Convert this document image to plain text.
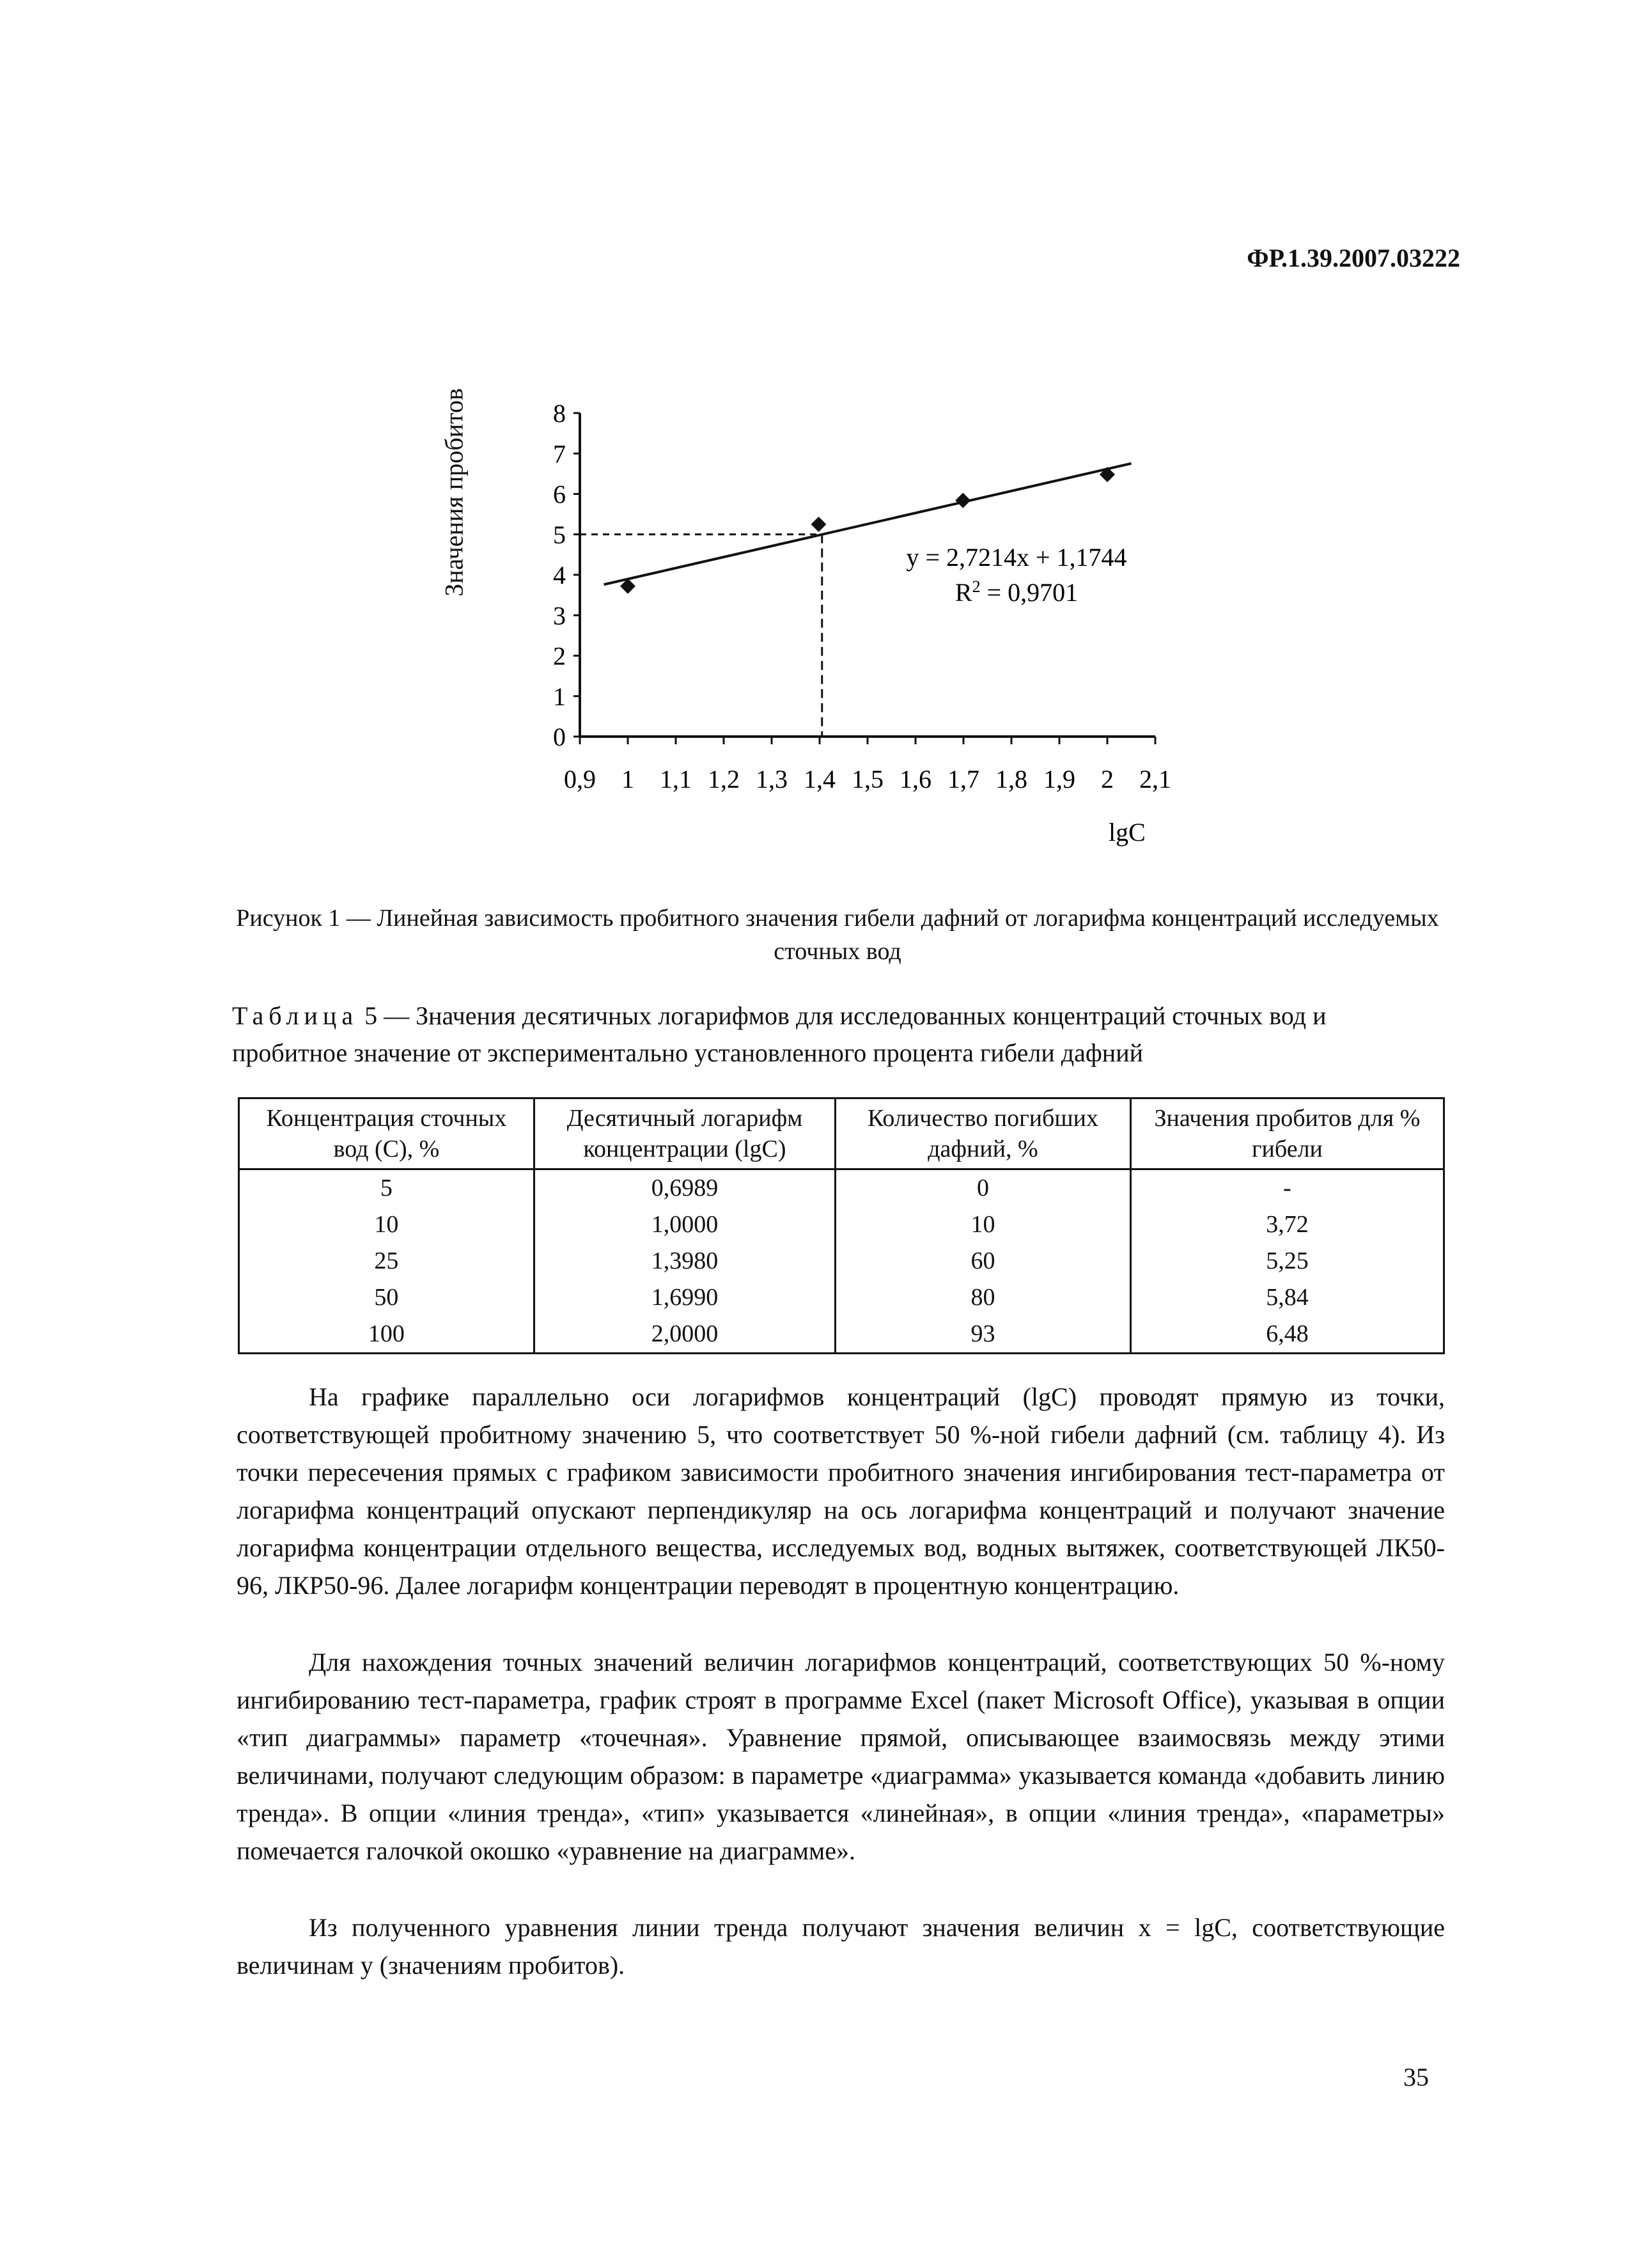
ФР.1.39.2007.03222
0
1
2
3
4
5
6
7
8
0,9 1 1,1 1,2 1,3 1,4 1,5 1,6 1,7 1,8 1,9 2 2,1
y = 2,7214x + 1,1744
$R^2 = 0,9701$
lgC
Значения пробитов
Рисунок 1 — Линейная зависимость пробитного значения гибели дафний от логарифма концентраций исследуемых сточных вод
Таблица 5 — Значения десятичных логарифмов для исследованных концентраций сточных вод и пробитное значение от экспериментально установленного процента гибели дафний
Концентрация сточных вод (C), %	Десятичный логарифм концентрации (lgC)	Количество погибших дафний, %	Значения пробитов для % гибели
5	0,6989	0	-
10	1,0000	10	3,72
25	1,3980	60	5,25
50	1,6990	80	5,84
100	2,0000	93	6,48
На графике параллельно оси логарифмов концентраций (lgC) проводят прямую из точки, соответствующей пробитному значению 5, что соответствует 50 %-ной гибели дафний (см. таблицу 4). Из точки пересечения прямых с графиком зависимости пробитного значения ингибирования тест-параметра от логарифма концентраций опускают перпендикуляр на ось логарифма концентраций и получают значение логарифма концентрации отдельного вещества, исследуемых вод, водных вытяжек, соответствующей ЛК50-96, ЛКР50-96. Далее логарифм концентрации переводят в процентную концентрацию.
Для нахождения точных значений величин логарифмов концентраций, соответствующих 50 %-ному ингибированию тест-параметра, график строят в программе Excel (пакет Microsoft Office), указывая в опции «тип диаграммы» параметр «точечная». Уравнение прямой, описывающее взаимосвязь между этими величинами, получают следующим образом: в параметре «диаграмма» указывается команда «добавить линию тренда». В опции «линия тренда», «тип» указывается «линейная», в опции «линия тренда», «параметры» помечается галочкой окошко «уравнение на диаграмме».
Из полученного уравнения линии тренда получают значения величин x = lgC, соответствующие величинам y (значениям пробитов).
35
